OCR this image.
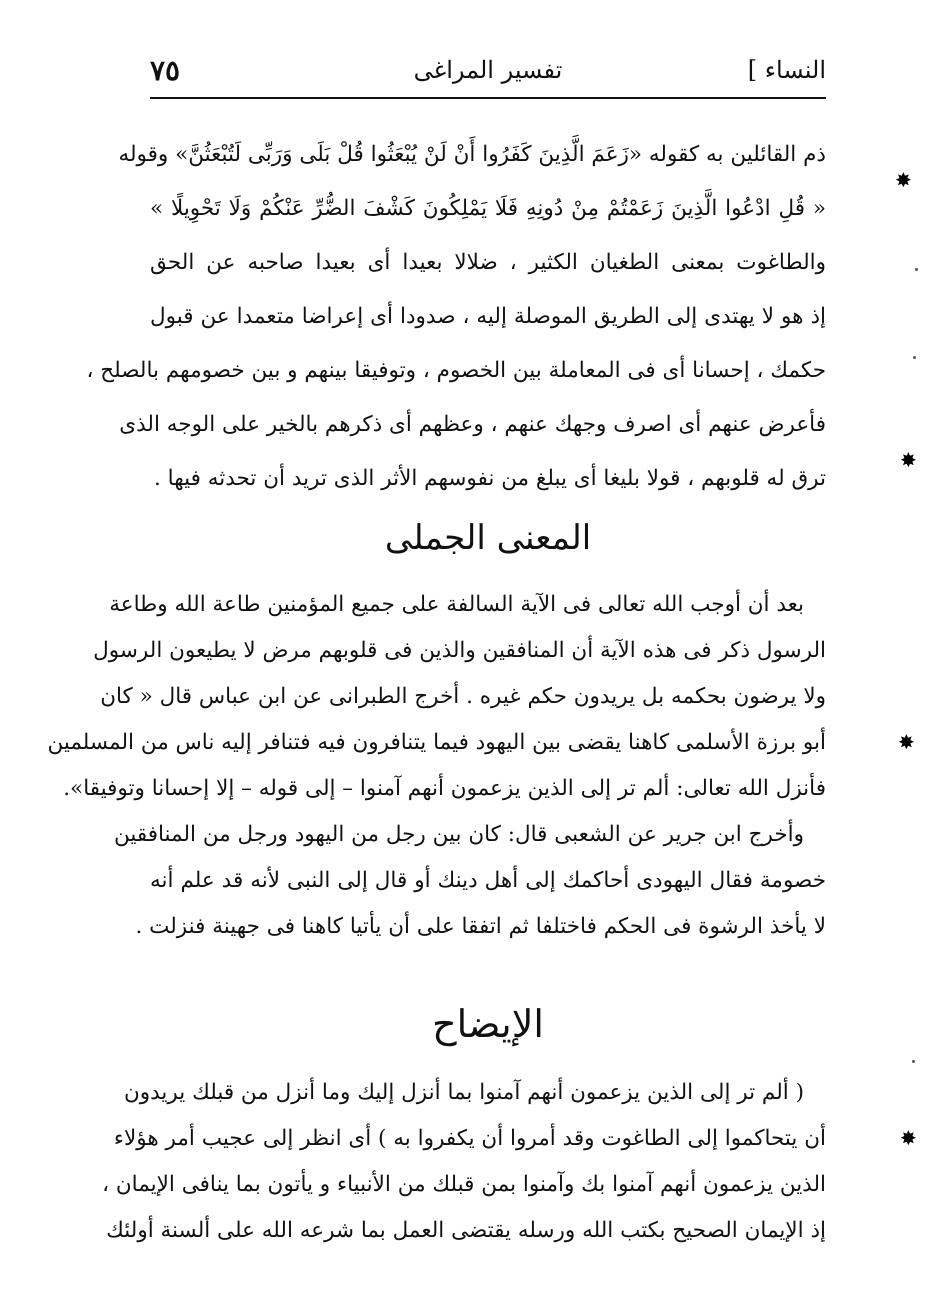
النساء ]
تفسير المراغى
٧٥
ذم القائلين به كقوله «زَعَمَ الَّذِينَ كَفَرُوا أَنْ لَنْ يُبْعَثُوا قُلْ بَلَى وَرَبِّى لَتُبْعَثُنَّ» وقوله
« قُلِ ادْعُوا الَّذِينَ زَعَمْتُمْ مِنْ دُونِهِ فَلَا يَمْلِكُونَ كَشْفَ الضُّرِّ عَنْكُمْ وَلَا تَحْوِيلًا »
والطاغوت بمعنى الطغيان الكثير ، ضلالا بعيدا أى بعيدا صاحبه عن الحق
إذ هو لا يهتدى إلى الطريق الموصلة إليه ، صدودا أى إعراضا متعمدا عن قبول
حكمك ، إحسانا أى فى المعاملة بين الخصوم ، وتوفيقا بينهم و بين خصومهم بالصلح ،
فأعرض عنهم أى اصرف وجهك عنهم ، وعظهم أى ذكرهم بالخير على الوجه الذى
ترق له قلوبهم ، قولا بليغا أى يبلغ من نفوسهم الأثر الذى تريد أن تحدثه فيها .
المعنى الجملى
بعد أن أوجب الله تعالى فى الآية السالفة على جميع المؤمنين طاعة الله وطاعة
الرسول ذكر فى هذه الآية أن المنافقين والذين فى قلوبهم مرض لا يطيعون الرسول
ولا يرضون بحكمه بل يريدون حكم غيره . أخرج الطبرانى عن ابن عباس قال « كان
أبو برزة الأسلمى كاهنا يقضى بين اليهود فيما يتنافرون فيه فتنافر إليه ناس من المسلمين
فأنزل الله تعالى: ألم تر إلى الذين يزعمون أنهم آمنوا – إلى قوله – إلا إحسانا وتوفيقا».
وأخرج ابن جرير عن الشعبى قال: كان بين رجل من اليهود ورجل من المنافقين
خصومة فقال اليهودى أحاكمك إلى أهل دينك أو قال إلى النبى لأنه قد علم أنه
لا يأخذ الرشوة فى الحكم فاختلفا ثم اتفقا على أن يأتيا كاهنا فى جهينة فنزلت .
الإيضاح
( ألم تر إلى الذين يزعمون أنهم آمنوا بما أنزل إليك وما أنزل من قبلك يريدون
أن يتحاكموا إلى الطاغوت وقد أمروا أن يكفروا به ) أى انظر إلى عجيب أمر هؤلاء
الذين يزعمون أنهم آمنوا بك وآمنوا بمن قبلك من الأنبياء و يأتون بما ينافى الإيمان ،
إذ الإيمان الصحيح بكتب الله ورسله يقتضى العمل بما شرعه الله على ألسنة أولئك
✸
✸
✸
✸
